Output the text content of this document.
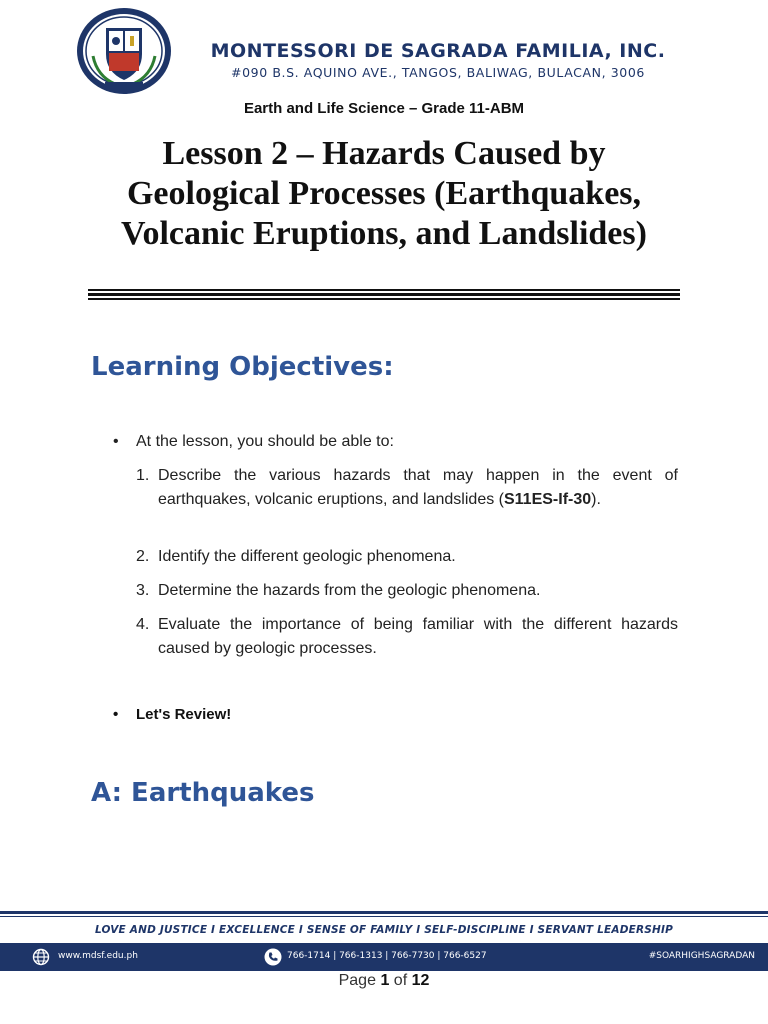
MONTESSORI DE SAGRADA FAMILIA, INC.
#090 B.S. AQUINO AVE., TANGOS, BALIWAG, BULACAN, 3006
Earth and Life Science – Grade 11-ABM
Lesson 2 – Hazards Caused by Geological Processes (Earthquakes, Volcanic Eruptions, and Landslides)
Learning Objectives:
• At the lesson, you should be able to:
1. Describe the various hazards that may happen in the event of earthquakes, volcanic eruptions, and landslides (S11ES-If-30).
2. Identify the different geologic phenomena.
3. Determine the hazards from the geologic phenomena.
4. Evaluate the importance of being familiar with the different hazards caused by geologic processes.
• Let's Review!
A: Earthquakes
LOVE AND JUSTICE I EXCELLENCE I SENSE OF FAMILY I SELF-DISCIPLINE I SERVANT LEADERSHIP
www.mdsf.edu.ph	766-1714 | 766-1313 | 766-7730 | 766-6527	#SOARHIGHSAGRADAN
Page 1 of 12
